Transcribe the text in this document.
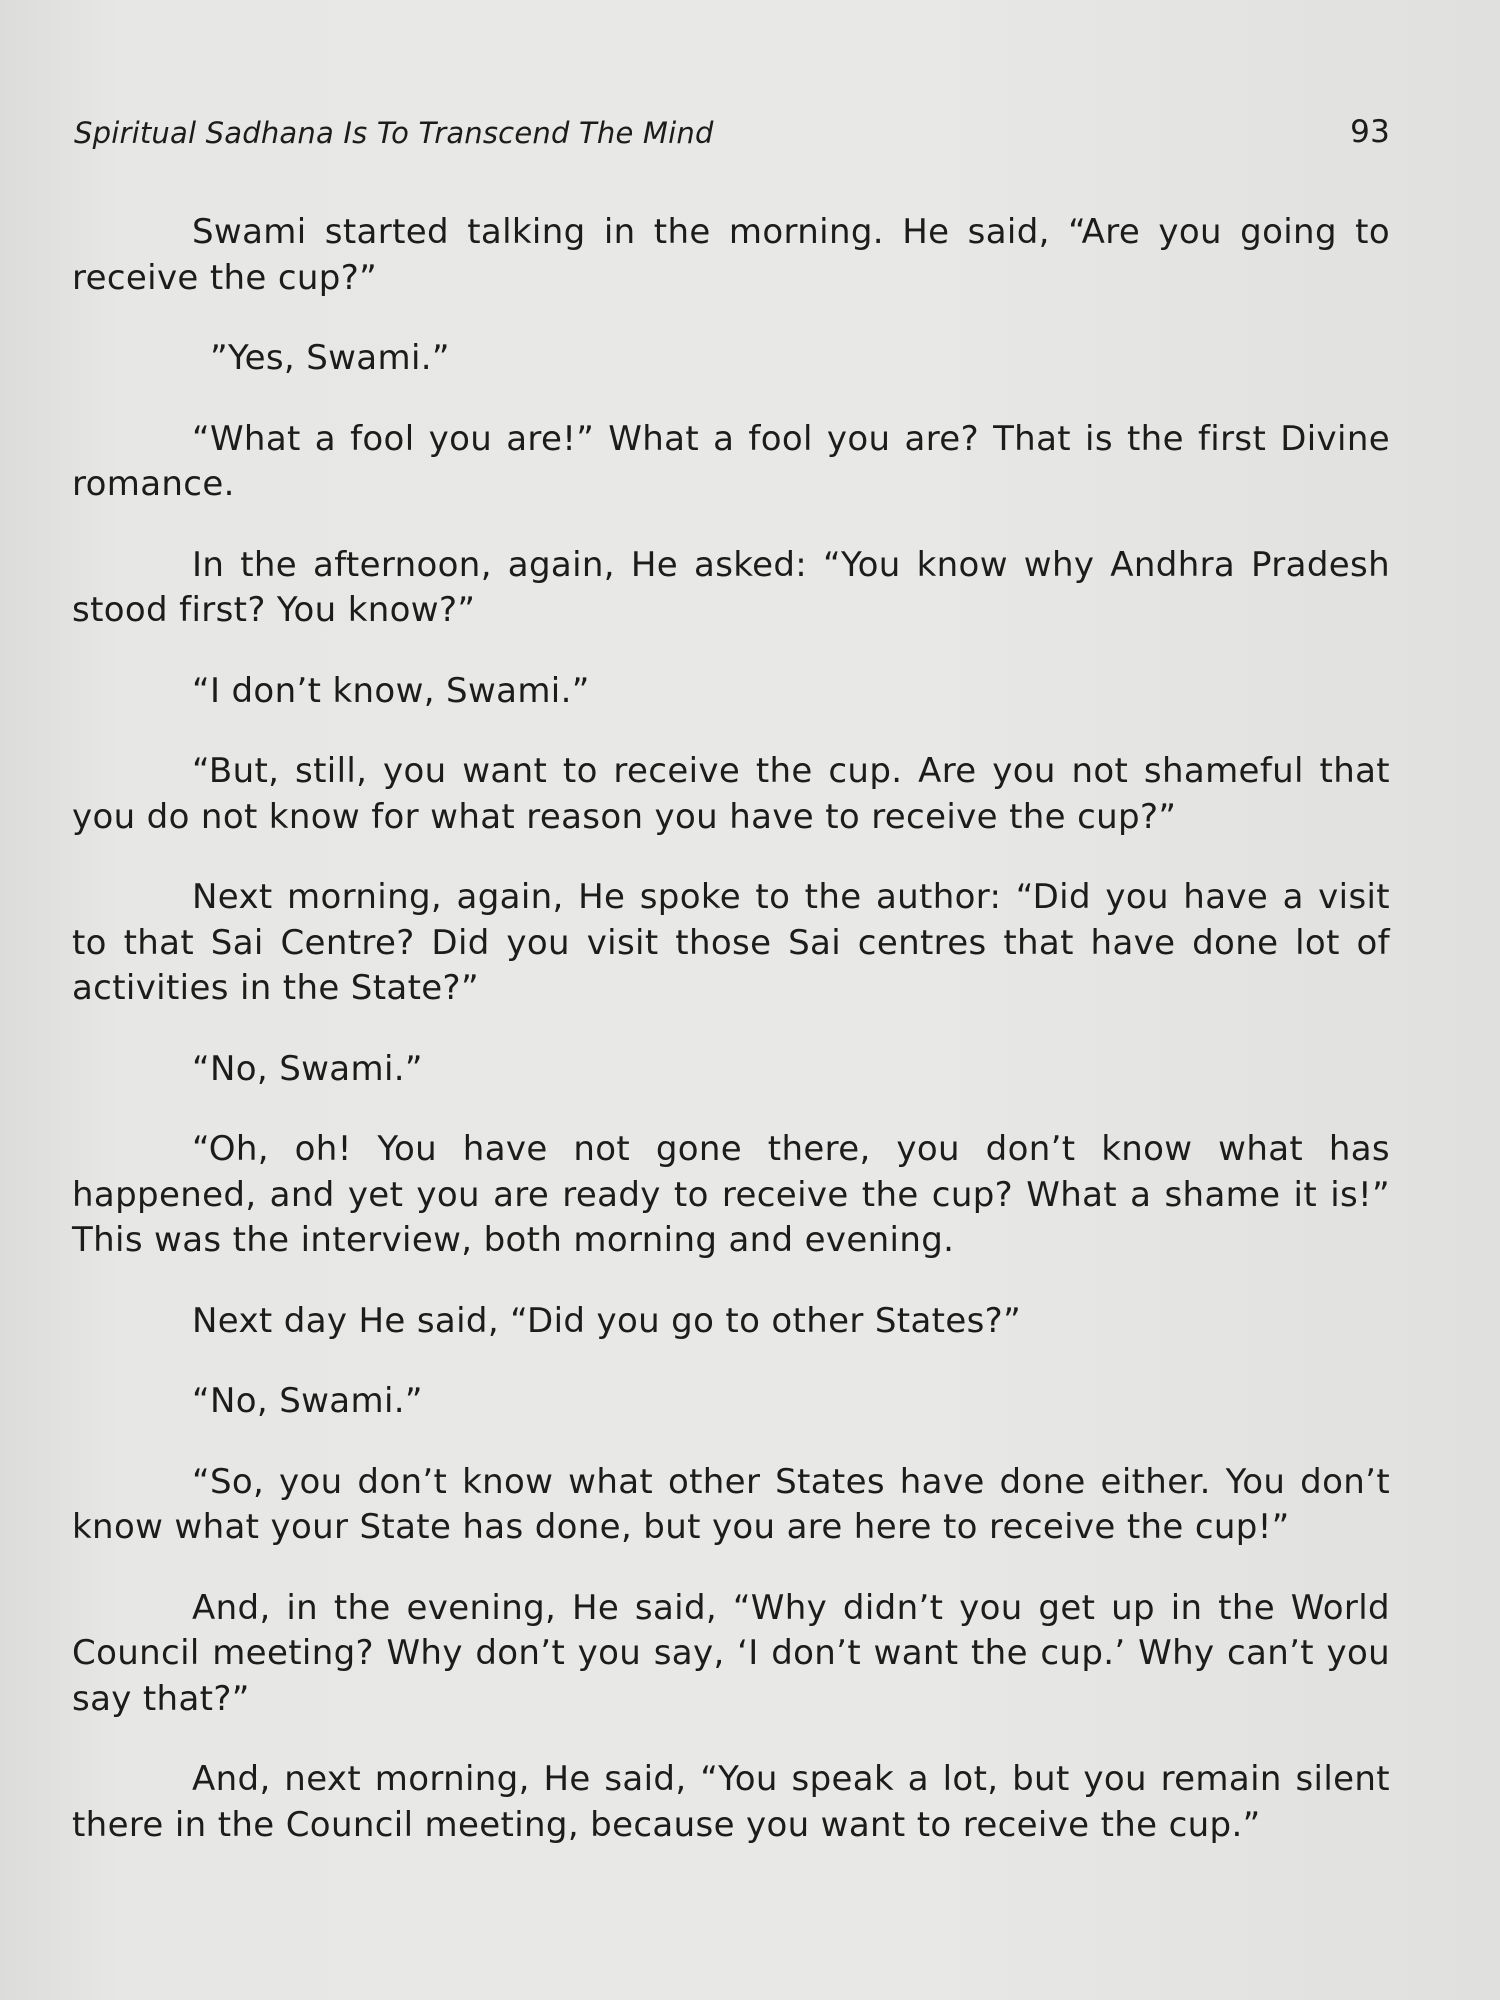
Spiritual Sadhana Is To Transcend The Mind	93

Swami started talking in the morning. He said, “Are you going to receive the cup?”

”Yes, Swami.”

“What a fool you are!” What a fool you are? That is the first Divine romance.

In the afternoon, again, He asked: “You know why Andhra Pradesh stood first? You know?”

“I don’t know, Swami.”

“But, still, you want to receive the cup. Are you not shameful that you do not know for what reason you have to receive the cup?”

Next morning, again, He spoke to the author: “Did you have a visit to that Sai Centre? Did you visit those Sai centres that have done lot of activities in the State?”

“No, Swami.”

“Oh, oh! You have not gone there, you don’t know what has happened, and yet you are ready to receive the cup? What a shame it is!” This was the interview, both morning and evening.

Next day He said, “Did you go to other States?”

“No, Swami.”

“So, you don’t know what other States have done either. You don’t know what your State has done, but you are here to receive the cup!”

And, in the evening, He said, “Why didn’t you get up in the World Council meeting? Why don’t you say, ‘I don’t want the cup.’ Why can’t you say that?”

And, next morning, He said, “You speak a lot, but you remain silent there in the Council meeting, because you want to receive the cup.”
